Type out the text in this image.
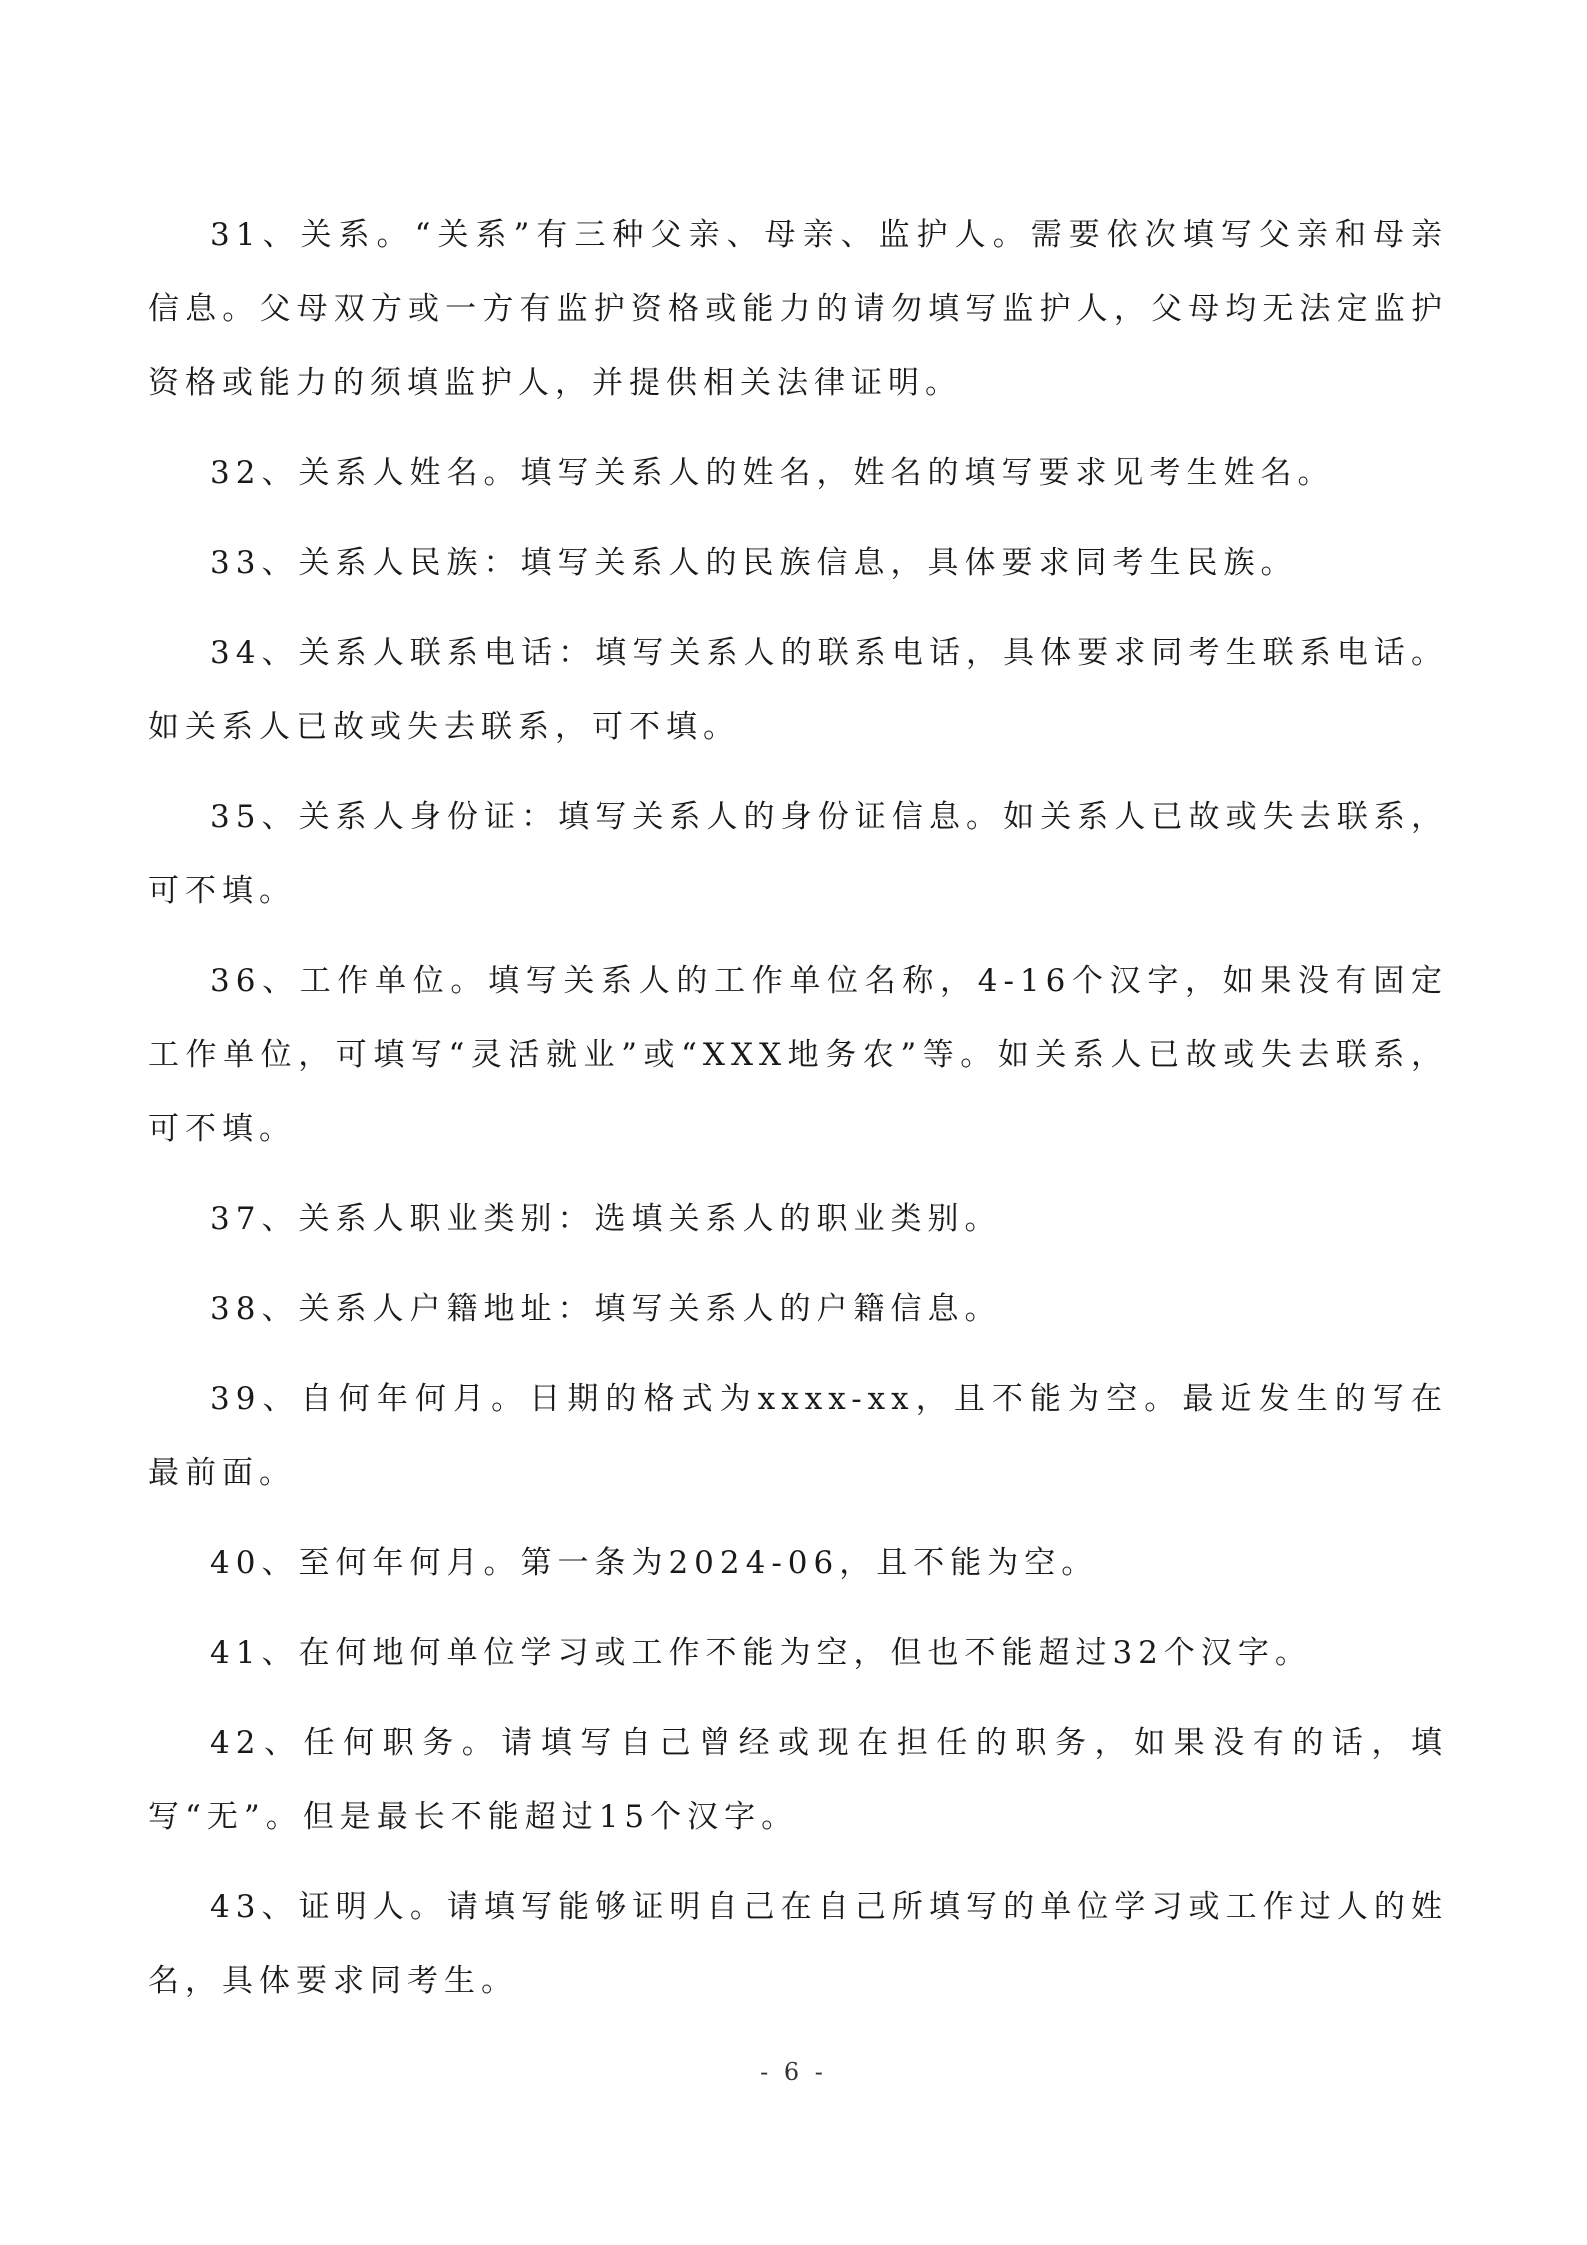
31、关系。“关系”有三种父亲、母亲、监护人。需要依次填写父亲和母亲信息。父母双方或一方有监护资格或能力的请勿填写监护人，父母均无法定监护资格或能力的须填监护人，并提供相关法律证明。

32、关系人姓名。填写关系人的姓名，姓名的填写要求见考生姓名。

33、关系人民族：填写关系人的民族信息，具体要求同考生民族。

34、关系人联系电话：填写关系人的联系电话，具体要求同考生联系电话。如关系人已故或失去联系，可不填。

35、关系人身份证：填写关系人的身份证信息。如关系人已故或失去联系，可不填。

36、工作单位。填写关系人的工作单位名称，4-16个汉字，如果没有固定工作单位，可填写“灵活就业”或“XXX地务农”等。如关系人已故或失去联系，可不填。

37、关系人职业类别：选填关系人的职业类别。

38、关系人户籍地址：填写关系人的户籍信息。

39、自何年何月。日期的格式为xxxx-xx，且不能为空。最近发生的写在最前面。

40、至何年何月。第一条为2024-06，且不能为空。

41、在何地何单位学习或工作不能为空，但也不能超过32个汉字。

42、任何职务。请填写自己曾经或现在担任的职务，如果没有的话，填写“无”。但是最长不能超过15个汉字。

43、证明人。请填写能够证明自己在自己所填写的单位学习或工作过人的姓名，具体要求同考生。

- 6 -
